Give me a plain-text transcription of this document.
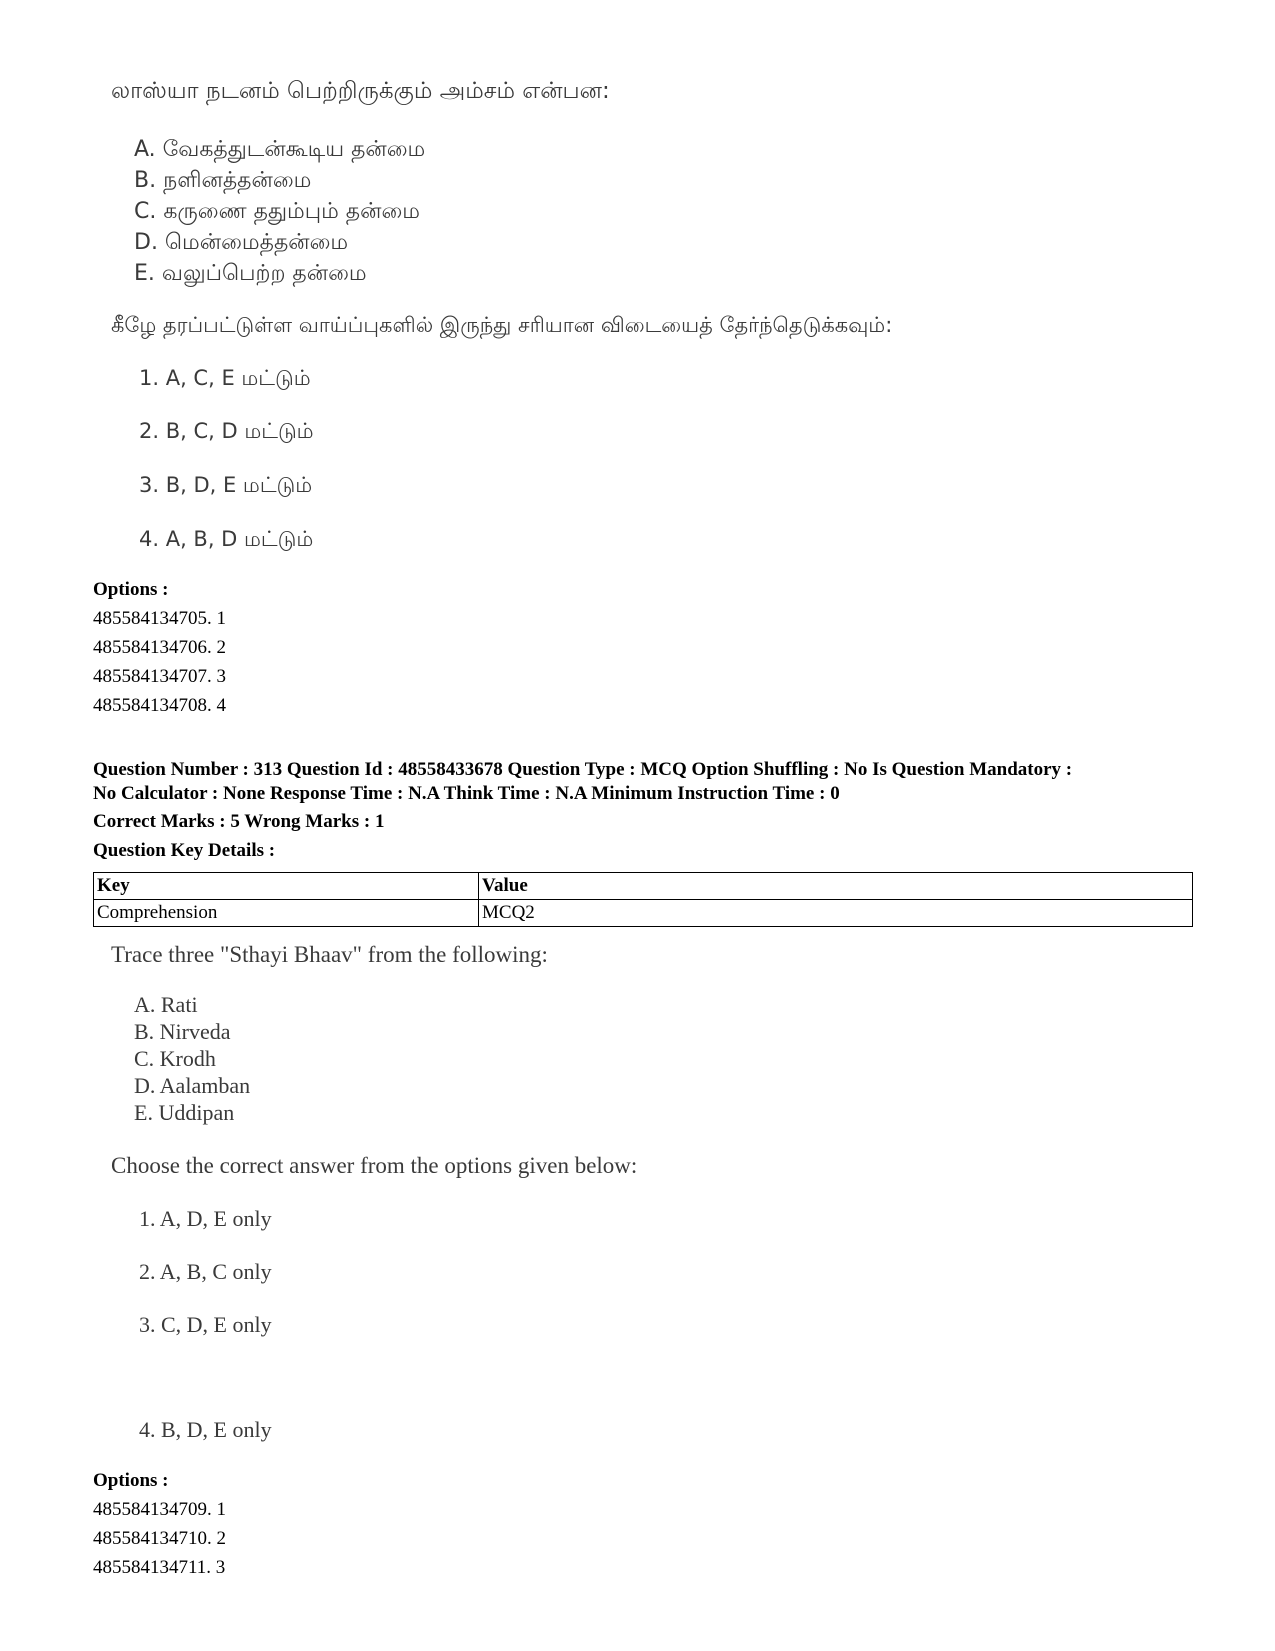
லாஸ்யா நடனம் பெற்றிருக்கும் அம்சம் என்பன:
A. வேகத்துடன்கூடிய தன்மை
B. நளினத்தன்மை
C. கருணை ததும்பும் தன்மை
D. மென்மைத்தன்மை
E. வலுப்பெற்ற தன்மை
கீழே தரப்பட்டுள்ள வாய்ப்புகளில் இருந்து சரியான விடையைத் தேர்ந்தெடுக்கவும்:
1. A, C, E மட்டும்
2. B, C, D மட்டும்
3. B, D, E மட்டும்
4. A, B, D மட்டும்
Options :
485584134705. 1
485584134706. 2
485584134707. 3
485584134708. 4
Question Number : 313 Question Id : 48558433678 Question Type : MCQ Option Shuffling : No Is Question Mandatory :
No Calculator : None Response Time : N.A Think Time : N.A Minimum Instruction Time : 0
Correct Marks : 5 Wrong Marks : 1
Question Key Details :
Key	Value
Comprehension	MCQ2
Trace three "Sthayi Bhaav" from the following:
A. Rati
B. Nirveda
C. Krodh
D. Aalamban
E. Uddipan
Choose the correct answer from the options given below:
1. A, D, E only
2. A, B, C only
3. C, D, E only
4. B, D, E only
Options :
485584134709. 1
485584134710. 2
485584134711. 3
